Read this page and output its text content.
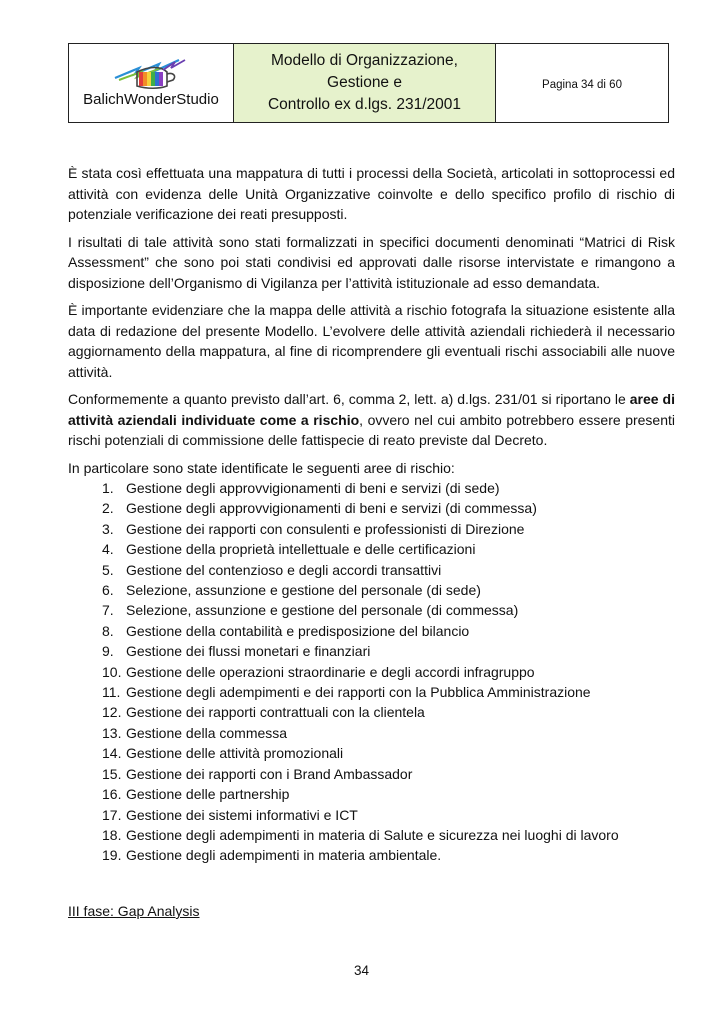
BalichWonderStudio
Modello di Organizzazione, Gestione e
Controllo ex d.lgs. 231/2001
Pagina 34 di 60

È stata così effettuata una mappatura di tutti i processi della Società, articolati in sottoprocessi ed attività con evidenza delle Unità Organizzative coinvolte e dello specifico profilo di rischio di potenziale verificazione dei reati presupposti.

I risultati di tale attività sono stati formalizzati in specifici documenti denominati “Matrici di Risk Assessment” che sono poi stati condivisi ed approvati dalle risorse intervistate e rimangono a disposizione dell’Organismo di Vigilanza per l’attività istituzionale ad esso demandata.

È importante evidenziare che la mappa delle attività a rischio fotografa la situazione esistente alla data di redazione del presente Modello. L’evolvere delle attività aziendali richiederà il necessario aggiornamento della mappatura, al fine di ricomprendere gli eventuali rischi associabili alle nuove attività.

Conformemente a quanto previsto dall’art. 6, comma 2, lett. a) d.lgs. 231/01 si riportano le aree di attività aziendali individuate come a rischio, ovvero nel cui ambito potrebbero essere presenti rischi potenziali di commissione delle fattispecie di reato previste dal Decreto.

In particolare sono state identificate le seguenti aree di rischio:

1. Gestione degli approvvigionamenti di beni e servizi (di sede)
2. Gestione degli approvvigionamenti di beni e servizi (di commessa)
3. Gestione dei rapporti con consulenti e professionisti di Direzione
4. Gestione della proprietà intellettuale e delle certificazioni
5. Gestione del contenzioso e degli accordi transattivi
6. Selezione, assunzione e gestione del personale (di sede)
7. Selezione, assunzione e gestione del personale (di commessa)
8. Gestione della contabilità e predisposizione del bilancio
9. Gestione dei flussi monetari e finanziari
10. Gestione delle operazioni straordinarie e degli accordi infragruppo
11. Gestione degli adempimenti e dei rapporti con la Pubblica Amministrazione
12. Gestione dei rapporti contrattuali con la clientela
13. Gestione della commessa
14. Gestione delle attività promozionali
15. Gestione dei rapporti con i Brand Ambassador
16. Gestione delle partnership
17. Gestione dei sistemi informativi e ICT
18. Gestione degli adempimenti in materia di Salute e sicurezza nei luoghi di lavoro
19. Gestione degli adempimenti in materia ambientale.
III fase: Gap Analysis
34
